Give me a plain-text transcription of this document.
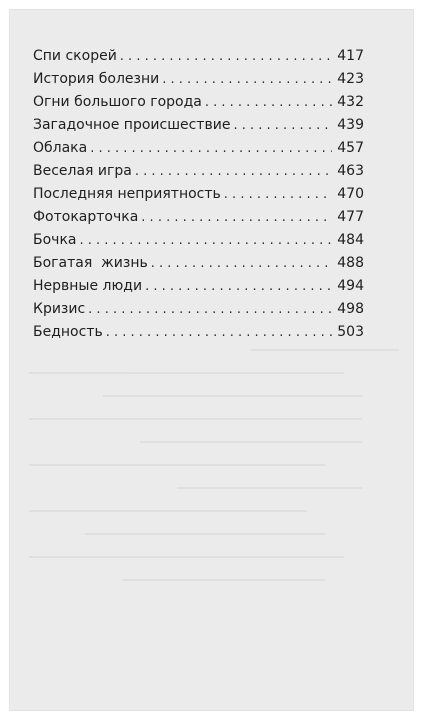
Спи скорей . . .	417
История болезни . . .	423
Огни большого города . . .	432
Загадочное происшествие . . .	439
Облака . . .	457
Веселая игра . . .	463
Последняя неприятность . . .	470
Фотокарточка . . .	477
Бочка . . .	484
Богатая  жизнь . . .	488
Нервные люди . . .	494
Кризис . . .	498
Бедность . . .	503
